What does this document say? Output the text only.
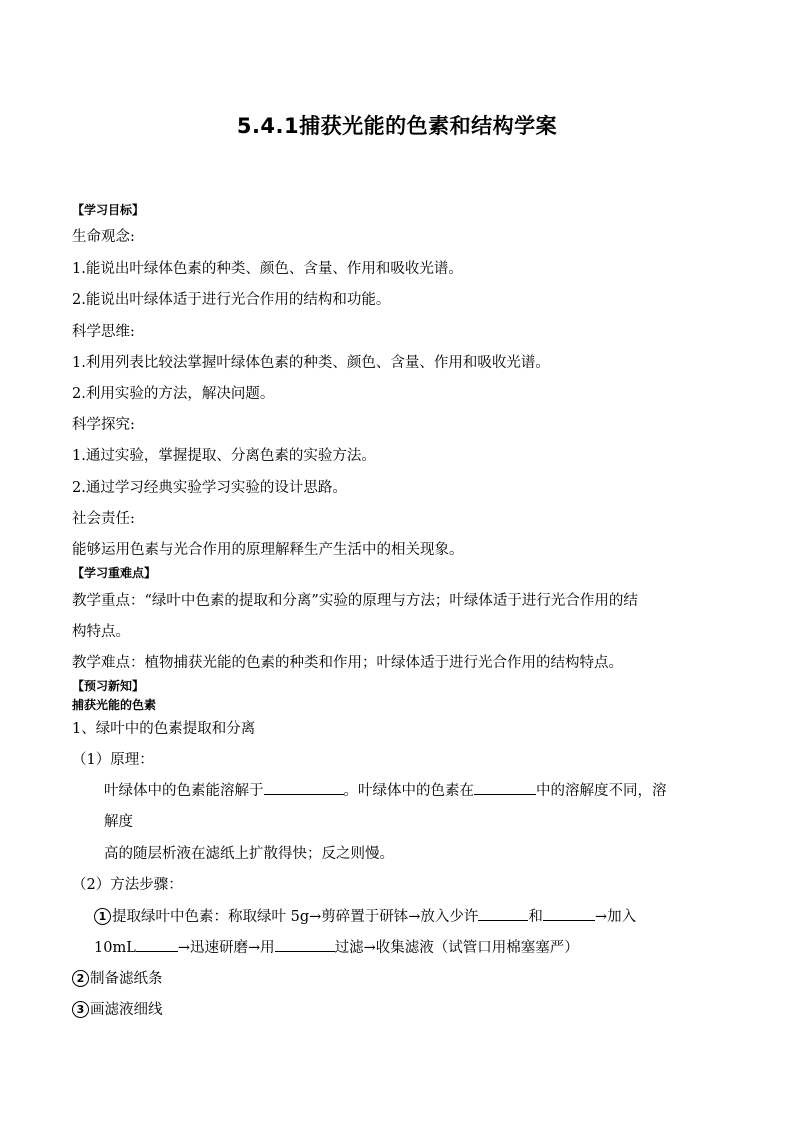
5.4.1捕获光能的色素和结构学案
【学习目标】
生命观念:
1.能说出叶绿体色素的种类、颜色、含量、作用和吸收光谱。
2.能说出叶绿体适于进行光合作用的结构和功能。
科学思维:
1.利用列表比较法掌握叶绿体色素的种类、颜色、含量、作用和吸收光谱。
2.利用实验的方法，解决问题。
科学探究:
1.通过实验，掌握提取、分离色素的实验方法。
2.通过学习经典实验学习实验的设计思路。
社会责任:
能够运用色素与光合作用的原理解释生产生活中的相关现象。
【学习重难点】
教学重点：“绿叶中色素的提取和分离”实验的原理与方法；叶绿体适于进行光合作用的结
构特点。
教学难点：植物捕获光能的色素的种类和作用；叶绿体适于进行光合作用的结构特点。
【预习新知】
捕获光能的色素
1、绿叶中的色素提取和分离
（1）原理：
叶绿体中的色素能溶解于	。叶绿体中的色素在	中的溶解度不同，溶
解度
高的随层析液在滤纸上扩散得快；反之则慢。
（2）方法步骤：
1 提取绿叶中色素：称取绿叶 5g→剪碎置于研钵→放入少许	和	→加入
10mL	→迅速研磨→用	过滤→收集滤液（试管口用棉塞塞严）
2 制备滤纸条
3 画滤液细线
